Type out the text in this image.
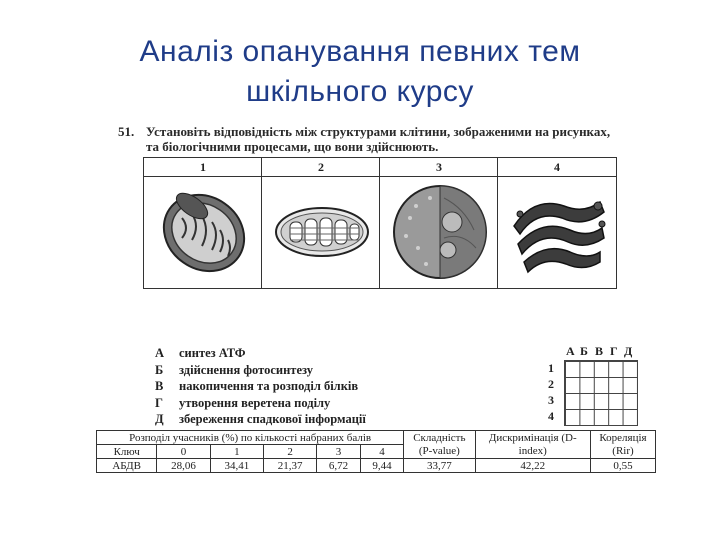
Аналіз опанування певних тем
шкільного курсу
51. Установіть відповідність між структурами клітини, зображеними на рисунках, та біологічними процесами, що вони здійснюють.
1	2	3	4
А синтез АТФ
Б здійснення фотосинтезу
В накопичення та розподіл білків
Г утворення веретена поділу
Д збереження спадкової інформації
А Б В Г Д
1
2
3
4
Розподіл учасників (%) по кількості набраних балів						Складність	Дискримінація (D-	Кореляція
Ключ	0	1	2	3	4	(P-value)	index)	(Rir)
АБДВ	28,06	34,41	21,37	6,72	9,44	33,77	42,22	0,55
